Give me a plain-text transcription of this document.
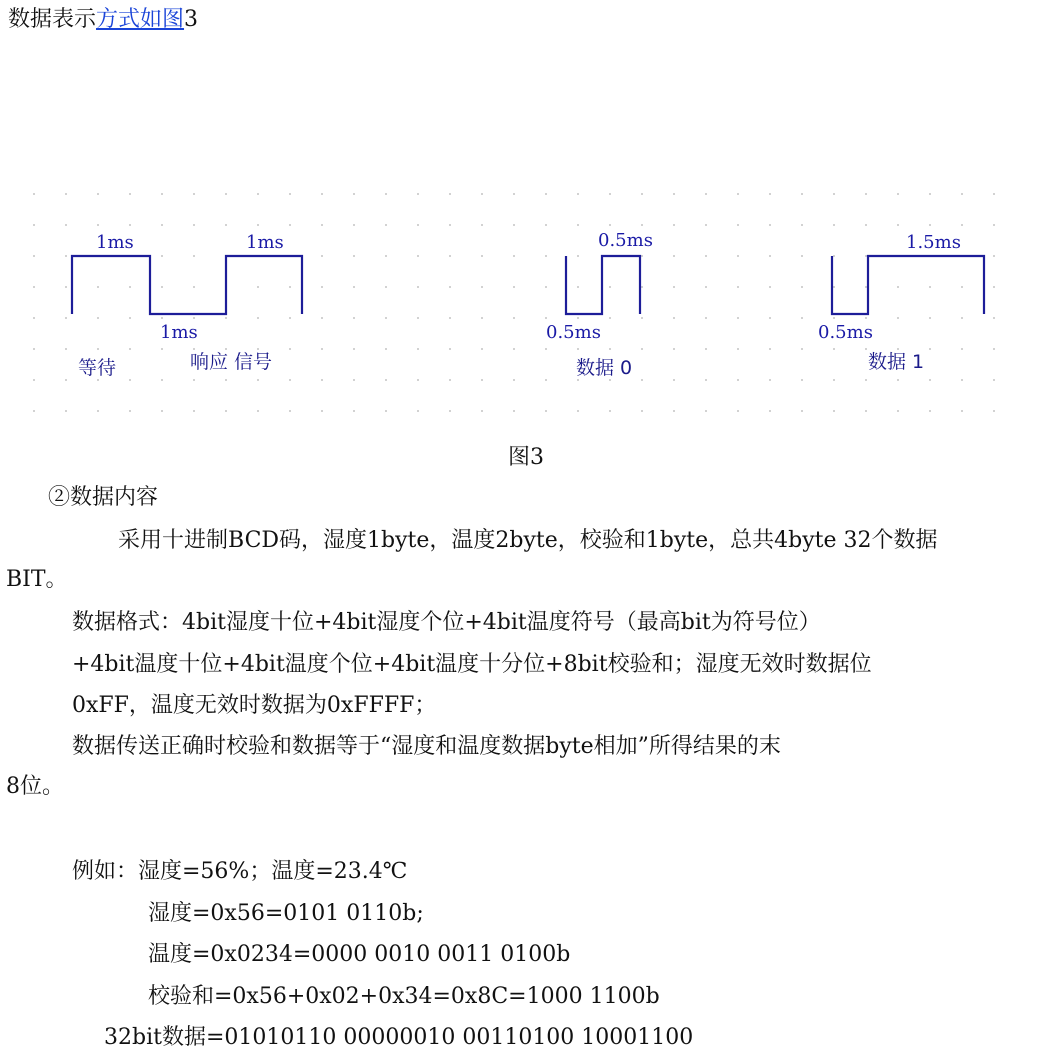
数据表示方式如图3
1ms	1ms
1ms
等待	响应 信号
0.5ms
0.5ms
数据 0
1.5ms
0.5ms
数据 1
图3
②数据内容
采用十进制BCD码，湿度1byte，温度2byte，校验和1byte，总共4byte 32个数据
BIT。
数据格式：4bit湿度十位+4bit湿度个位+4bit温度符号（最高bit为符号位）
+4bit温度十位+4bit温度个位+4bit温度十分位+8bit校验和；湿度无效时数据位
0xFF，温度无效时数据为0xFFFF；
数据传送正确时校验和数据等于“湿度和温度数据byte相加”所得结果的末
8位。
例如：湿度=56%；温度=23.4℃
湿度=0x56=0101 0110b;
温度=0x0234=0000 0010 0011 0100b
校验和=0x56+0x02+0x34=0x8C=1000 1100b
32bit数据=01010110 00000010 00110100 10001100
